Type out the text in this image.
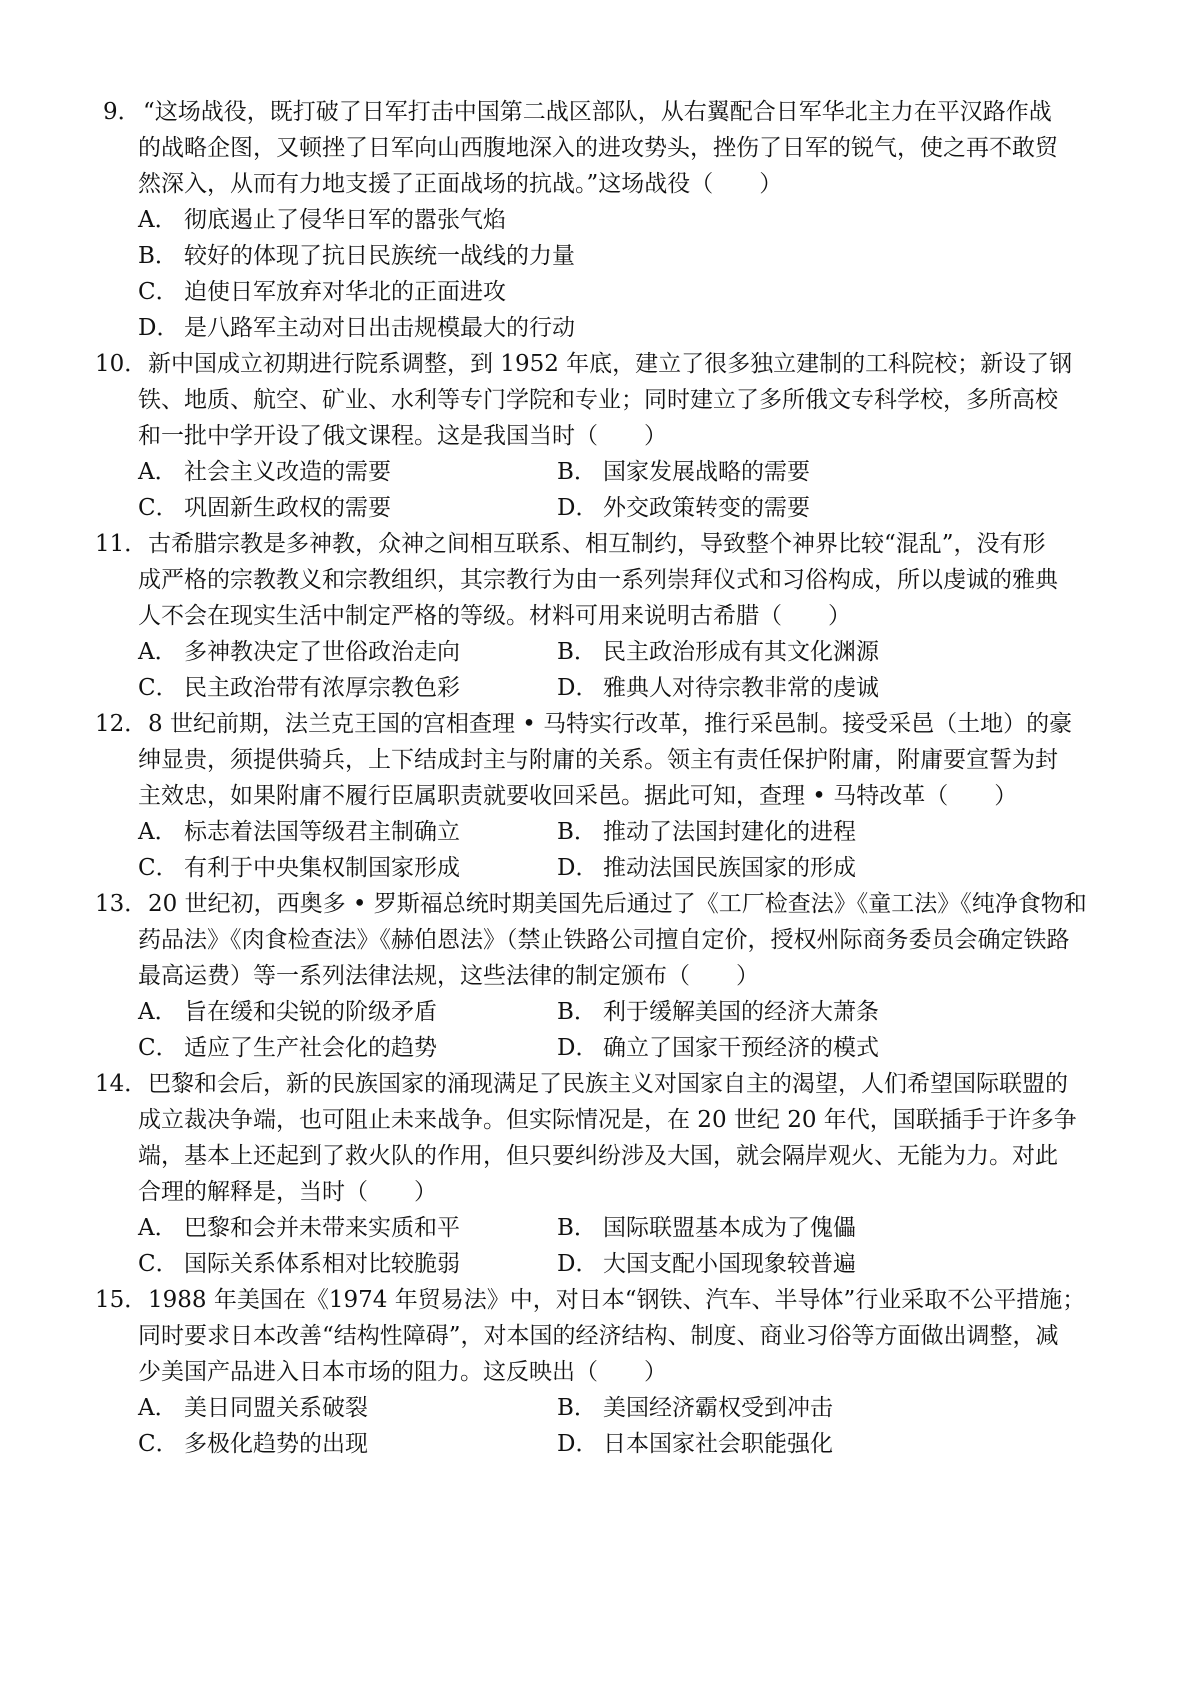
9． “这场战役，既打破了日军打击中国第二战区部队，从右翼配合日军华北主力在平汉路作战
的战略企图，又顿挫了日军向山西腹地深入的进攻势头，挫伤了日军的锐气，使之再不敢贸
然深入，从而有力地支援了正面战场的抗战。”这场战役（　　）
A． 彻底遏止了侵华日军的嚣张气焰
B． 较好的体现了抗日民族统一战线的力量
C． 迫使日军放弃对华北的正面进攻
D． 是八路军主动对日出击规模最大的行动
10． 新中国成立初期进行院系调整，到 1952 年底，建立了很多独立建制的工科院校；新设了钢
铁、地质、航空、矿业、水利等专门学院和专业；同时建立了多所俄文专科学校，多所高校
和一批中学开设了俄文课程。这是我国当时（　　）
A． 社会主义改造的需要	B． 国家发展战略的需要
C． 巩固新生政权的需要	D． 外交政策转变的需要
11． 古希腊宗教是多神教，众神之间相互联系、相互制约，导致整个神界比较“混乱”，没有形
成严格的宗教教义和宗教组织，其宗教行为由一系列崇拜仪式和习俗构成，所以虔诚的雅典
人不会在现实生活中制定严格的等级。材料可用来说明古希腊（　　）
A． 多神教决定了世俗政治走向	B． 民主政治形成有其文化渊源
C． 民主政治带有浓厚宗教色彩	D． 雅典人对待宗教非常的虔诚
12． 8 世纪前期，法兰克王国的宫相查理 • 马特实行改革，推行采邑制。接受采邑（土地）的豪
绅显贵，须提供骑兵，上下结成封主与附庸的关系。领主有责任保护附庸，附庸要宣誓为封
主效忠，如果附庸不履行臣属职责就要收回采邑。据此可知，查理 • 马特改革（　　）
A． 标志着法国等级君主制确立	B． 推动了法国封建化的进程
C． 有利于中央集权制国家形成	D． 推动法国民族国家的形成
13． 20 世纪初，西奥多 • 罗斯福总统时期美国先后通过了《工厂检查法》《童工法》《纯净食物和
药品法》《肉食检查法》《赫伯恩法》（禁止铁路公司擅自定价，授权州际商务委员会确定铁路
最高运费）等一系列法律法规，这些法律的制定颁布（　　）
A． 旨在缓和尖锐的阶级矛盾	B． 利于缓解美国的经济大萧条
C． 适应了生产社会化的趋势	D． 确立了国家干预经济的模式
14． 巴黎和会后，新的民族国家的涌现满足了民族主义对国家自主的渴望，人们希望国际联盟的
成立裁决争端，也可阻止未来战争。但实际情况是，在 20 世纪 20 年代，国联插手于许多争
端，基本上还起到了救火队的作用，但只要纠纷涉及大国，就会隔岸观火、无能为力。对此
合理的解释是，当时（　　）
A． 巴黎和会并未带来实质和平	B． 国际联盟基本成为了傀儡
C． 国际关系体系相对比较脆弱	D． 大国支配小国现象较普遍
15． 1988 年美国在《1974 年贸易法》中，对日本“钢铁、汽车、半导体”行业采取不公平措施；
同时要求日本改善“结构性障碍”，对本国的经济结构、制度、商业习俗等方面做出调整，减
少美国产品进入日本市场的阻力。这反映出（　　）
A． 美日同盟关系破裂	B． 美国经济霸权受到冲击
C． 多极化趋势的出现	D． 日本国家社会职能强化
